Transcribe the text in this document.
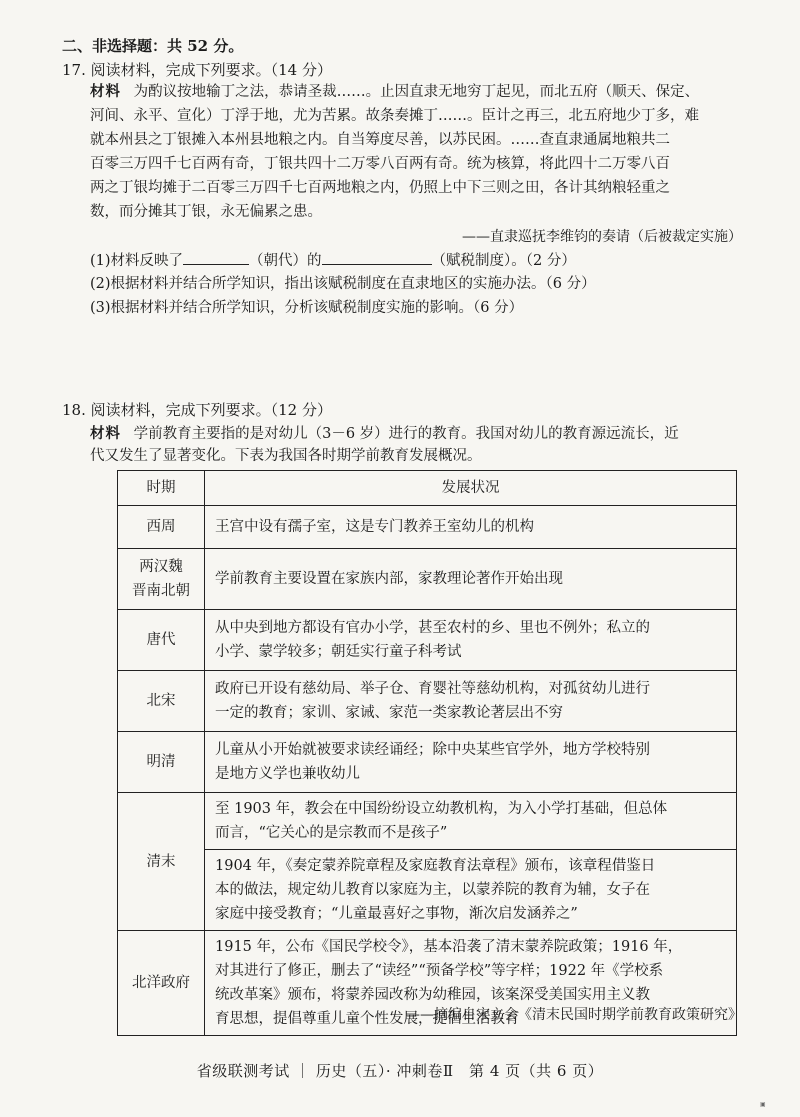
二、非选择题：共 52 分。
17. 阅读材料，完成下列要求。（14 分）
材料 为酌议按地输丁之法，恭请圣裁……。止因直隶无地穷丁起见，而北五府（顺天、保定、
河间、永平、宣化）丁浮于地，尤为苦累。故条奏摊丁……。臣计之再三，北五府地少丁多，难
就本州县之丁银摊入本州县地粮之内。自当筹度尽善，以苏民困。……查直隶通属地粮共二
百零三万四千七百两有奇，丁银共四十二万零八百两有奇。统为核算，将此四十二万零八百
两之丁银均摊于二百零三万四千七百两地粮之内，仍照上中下三则之田，各计其纳粮轻重之
数，而分摊其丁银，永无偏累之患。
——直隶巡抚李维钧的奏请（后被裁定实施）
(1)材料反映了	（朝代）的	（赋税制度）。（2 分）
(2)根据材料并结合所学知识，指出该赋税制度在直隶地区的实施办法。（6 分）
(3)根据材料并结合所学知识，分析该赋税制度实施的影响。（6 分）
18. 阅读材料，完成下列要求。（12 分）
材料 学前教育主要指的是对幼儿（3－6 岁）进行的教育。我国对幼儿的教育源远流长，近
代又发生了显著变化。下表为我国各时期学前教育发展概况。
时期	发展状况
西周	王宫中设有孺子室，这是专门教养王室幼儿的机构
两汉魏
晋南北朝	学前教育主要设置在家族内部，家教理论著作开始出现
唐代	从中央到地方都设有官办小学，甚至农村的乡、里也不例外；私立的
小学、蒙学较多；朝廷实行童子科考试
北宋	政府已开设有慈幼局、举子仓、育婴社等慈幼机构，对孤贫幼儿进行
一定的教育；家训、家诫、家范一类家教论著层出不穷
明清	儿童从小开始就被要求读经诵经；除中央某些官学外，地方学校特别
是地方义学也兼收幼儿
清末	至 1903 年，教会在中国纷纷设立幼教机构，为入小学打基础，但总体
而言，“它关心的是宗教而不是孩子”
	1904 年，《奏定蒙养院章程及家庭教育法章程》颁布，该章程借鉴日
本的做法，规定幼儿教育以家庭为主，以蒙养院的教育为辅，女子在
家庭中接受教育；“儿童最喜好之事物，渐次启发涵养之”
北洋政府	1915 年，公布《国民学校令》，基本沿袭了清末蒙养院政策；1916 年，
对其进行了修正，删去了“读经”“预备学校”等字样；1922 年《学校系
统改革案》颁布，将蒙养园改称为幼稚园，该案深受美国实用主义教
育思想，提倡尊重儿童个性发展，提倡生活教育
——摘编自宋立会《清末民国时期学前教育政策研究》
省级联测考试 ｜ 历史（五）· 冲刺卷Ⅱ　第 4 页（共 6 页）
▣
